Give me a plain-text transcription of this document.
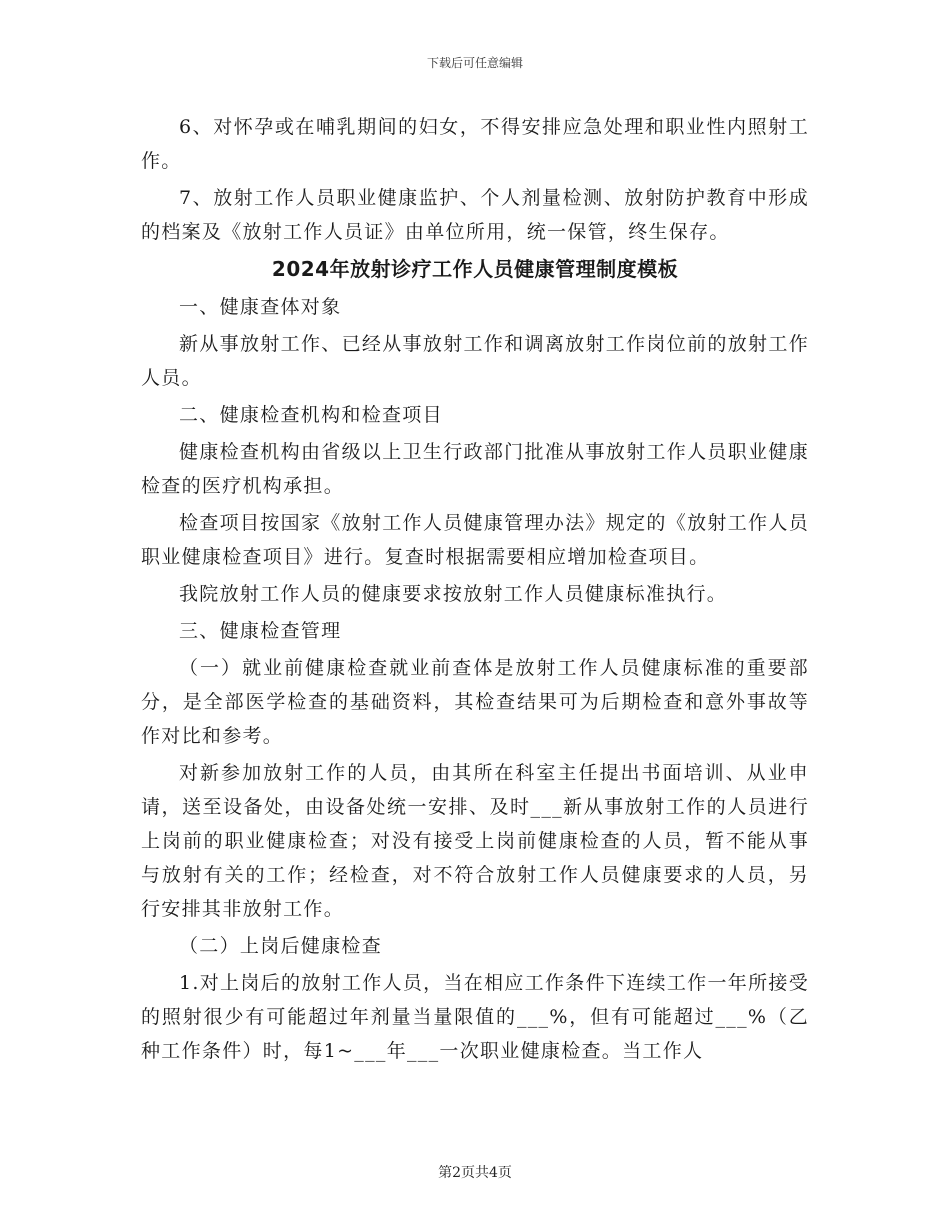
下载后可任意编辑

6、对怀孕或在哺乳期间的妇女，不得安排应急处理和职业性内照射工作。

7、放射工作人员职业健康监护、个人剂量检测、放射防护教育中形成的档案及《放射工作人员证》由单位所用，统一保管，终生保存。

2024年放射诊疗工作人员健康管理制度模板

一、健康查体对象

新从事放射工作、已经从事放射工作和调离放射工作岗位前的放射工作人员。

二、健康检查机构和检查项目

健康检查机构由省级以上卫生行政部门批准从事放射工作人员职业健康检查的医疗机构承担。

检查项目按国家《放射工作人员健康管理办法》规定的《放射工作人员职业健康检查项目》进行。复查时根据需要相应增加检查项目。

我院放射工作人员的健康要求按放射工作人员健康标准执行。

三、健康检查管理

（一）就业前健康检查就业前查体是放射工作人员健康标准的重要部分，是全部医学检查的基础资料，其检查结果可为后期检查和意外事故等作对比和参考。

对新参加放射工作的人员，由其所在科室主任提出书面培训、从业申请，送至设备处，由设备处统一安排、及时___新从事放射工作的人员进行上岗前的职业健康检查；对没有接受上岗前健康检查的人员，暂不能从事与放射有关的工作；经检查，对不符合放射工作人员健康要求的人员，另行安排其非放射工作。

（二）上岗后健康检查

1.对上岗后的放射工作人员，当在相应工作条件下连续工作一年所接受的照射很少有可能超过年剂量当量限值的___%，但有可能超过___%（乙种工作条件）时，每1~___年___一次职业健康检查。当工作人

第2页共4页
